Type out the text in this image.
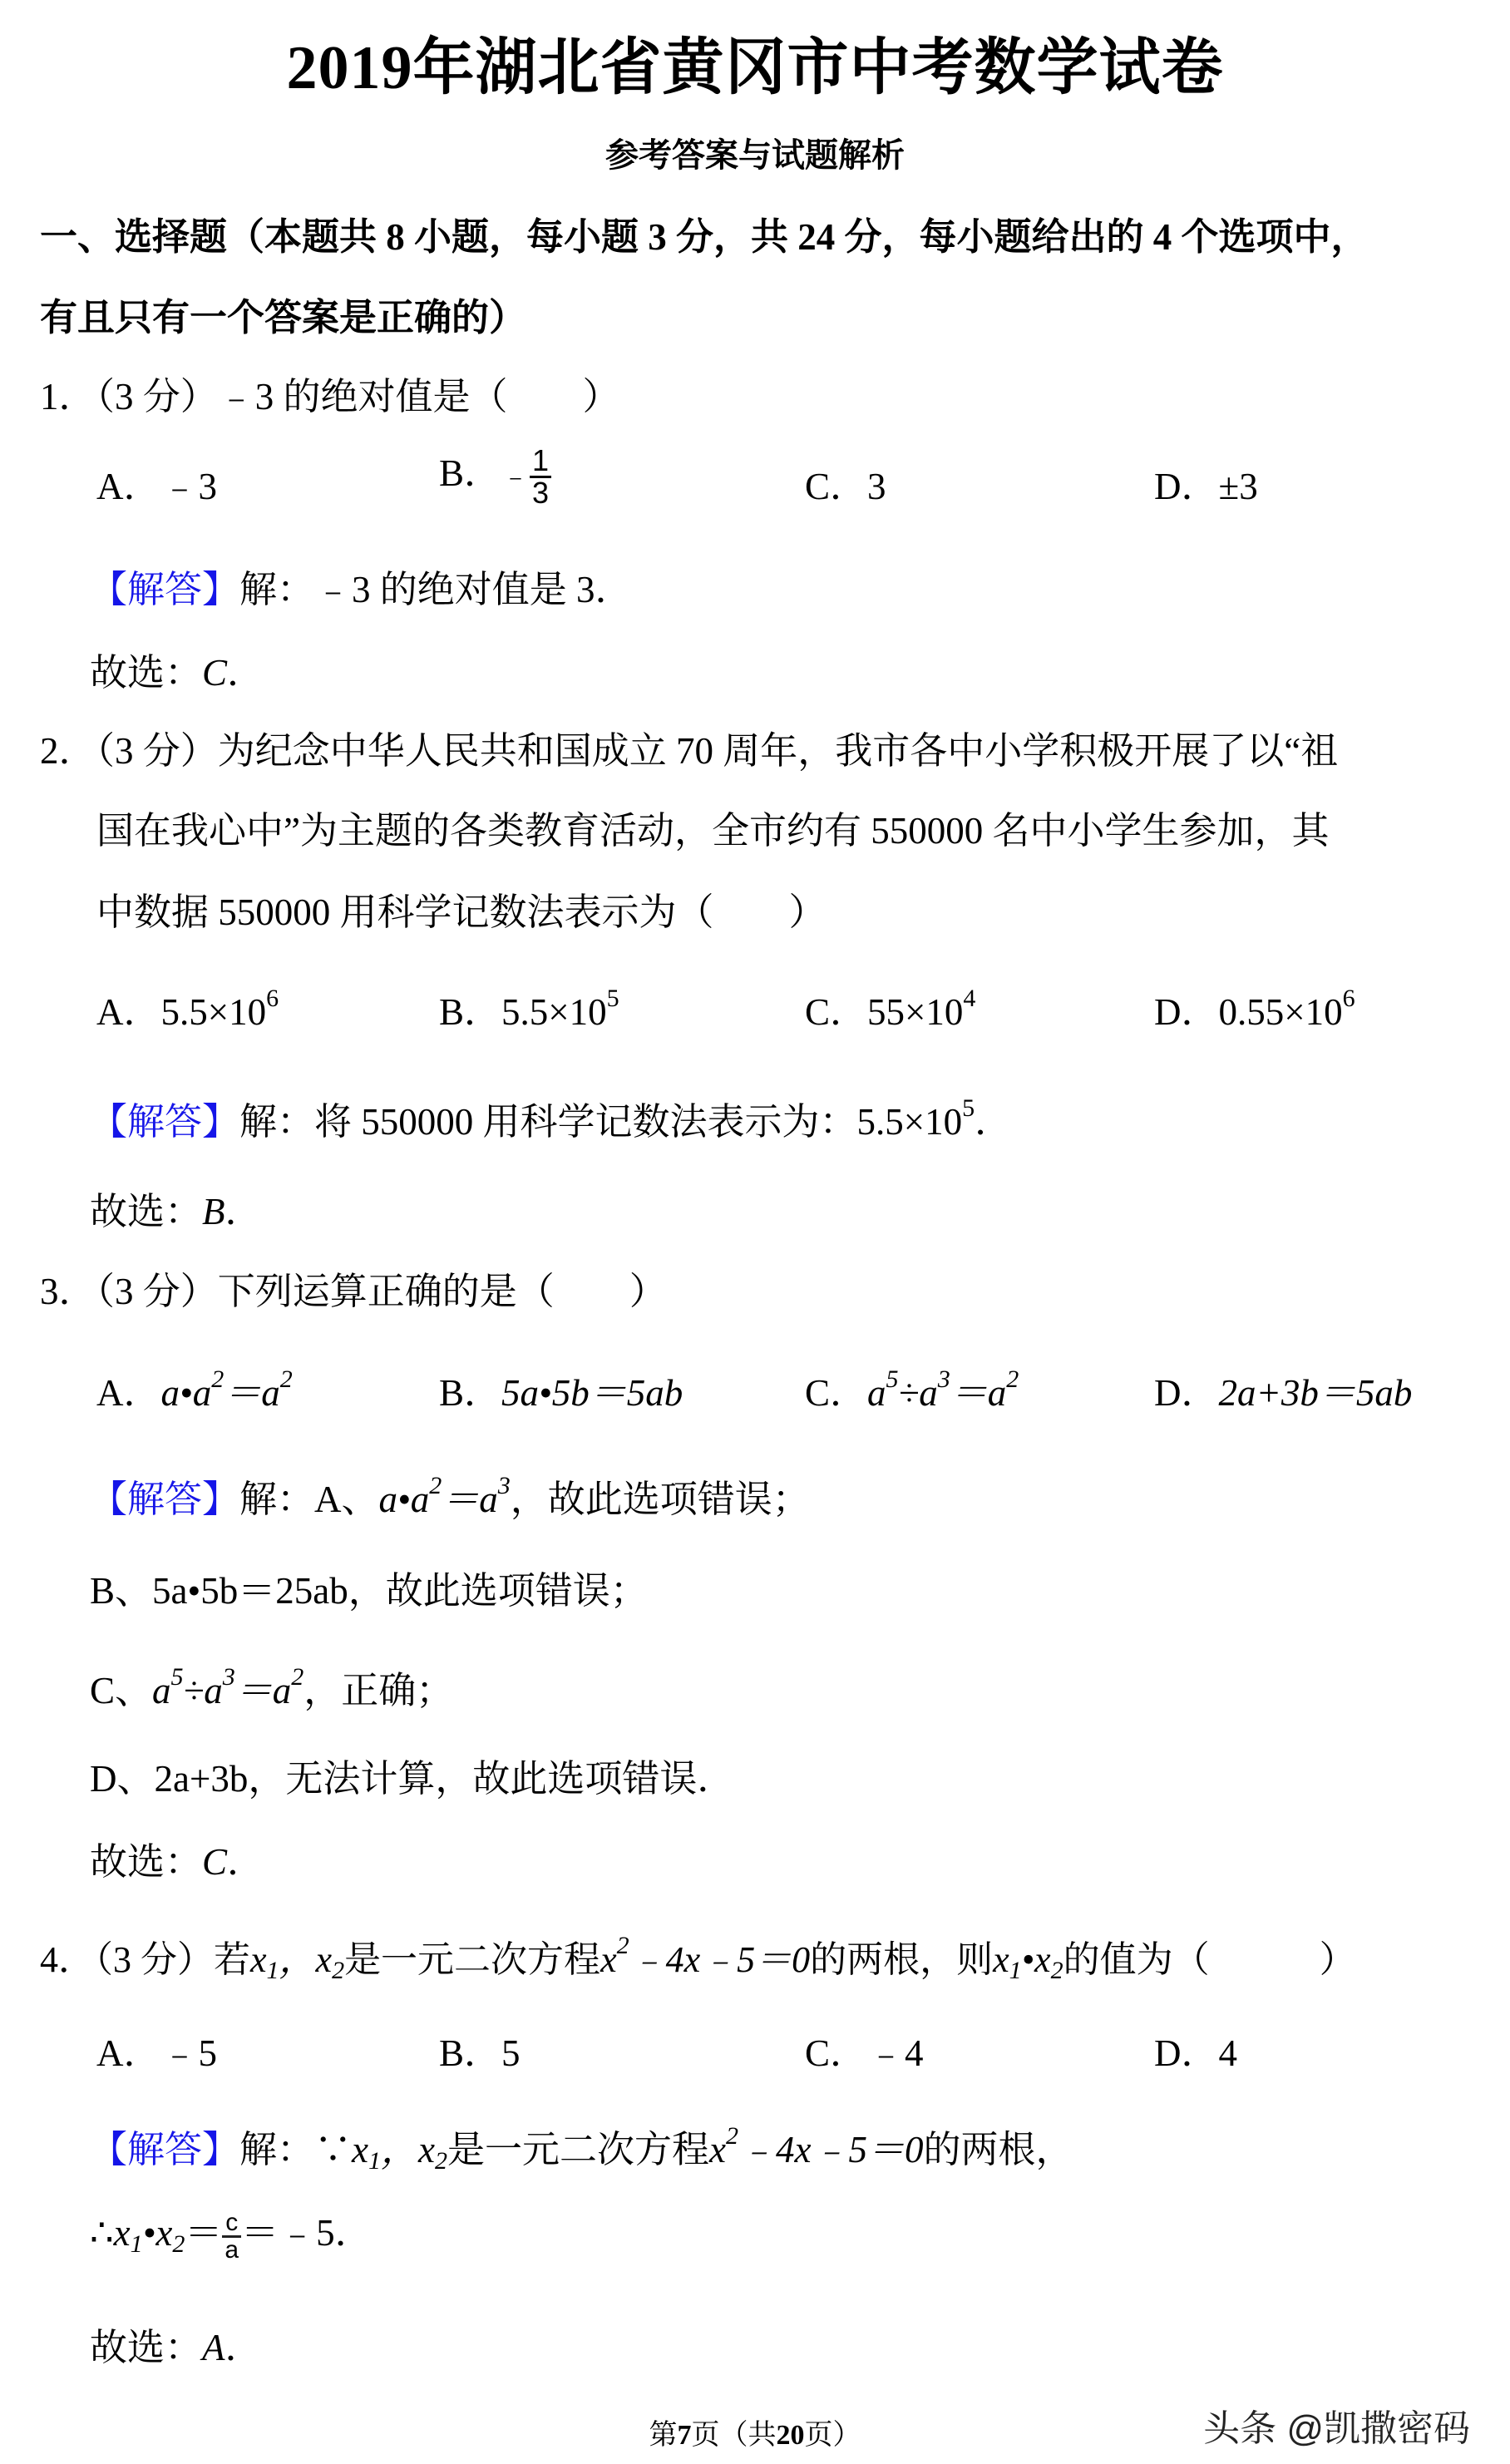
2019年湖北省黄冈市中考数学试卷
参考答案与试题解析
一、选择题（本题共 8 小题，每小题 3 分，共 24 分，每小题给出的 4 个选项中，
有且只有一个答案是正确的）
1．（3 分）﹣3 的绝对值是（　　）
A．﹣3	B．﹣ $\frac{1}{3}$	C．3	D．±3
【解答】解：﹣3 的绝对值是 3．
故选：C．
2．（3 分）为纪念中华人民共和国成立 70 周年，我市各中小学积极开展了以“祖
国在我心中”为主题的各类教育活动，全市约有 550000 名中小学生参加，其
中数据 550000 用科学记数法表示为（　　）
A．$5.5\times 10^6$	B．$5.5\times 10^5$	C．$55\times 10^4$	D．$0.55\times 10^6$
【解答】解：将 550000 用科学记数法表示为：$5.5\times 10^5$．
故选：B．
3．（3 分）下列运算正确的是（　　）
A．$a•a^2=a^2$	B．5a•5b＝5ab	C．$a^5\div a^3=a^2$	D．2a+3b＝5ab
【解答】解：A、$a•a^2=a^3$，故此选项错误；
B、5a•5b＝25ab，故此选项错误；
C、$a^5\div a^3=a^2$，正确；
D、2a+3b，无法计算，故此选项错误．
故选：C．
4．（3 分）若$x_1$，$x_2$是一元二次方程$x^2﹣4x﹣5=0$的两根，则$x_1•x_2$的值为（　　　）
A．﹣5	B．5	C．﹣4	D．4
【解答】解：$\because x_1$，$x_2$是一元二次方程$x^2﹣4x﹣5=0$的两根，
$\therefore x_1•x_2= \frac{c}{a}$ ＝﹣5．
故选：A．
第7页（共20页）	头条 @凯撒密码
